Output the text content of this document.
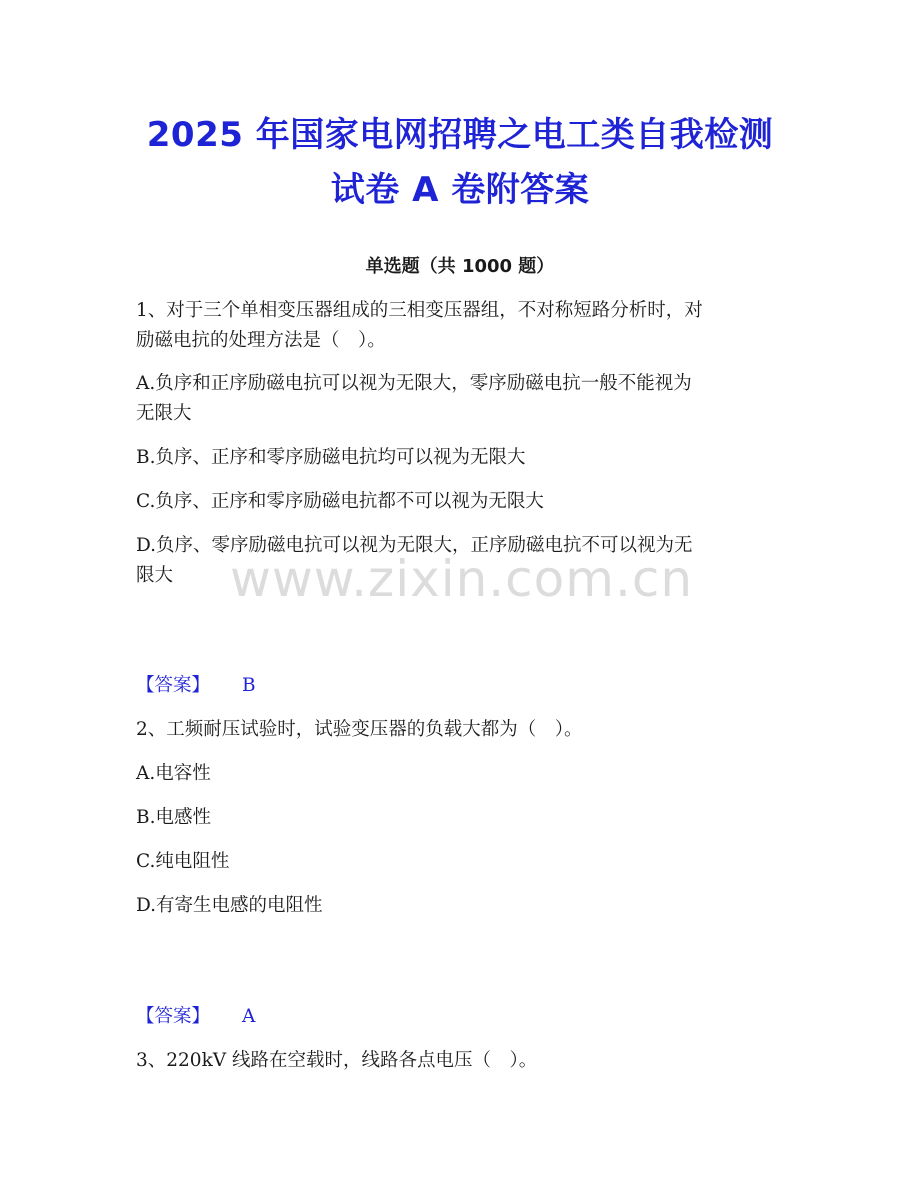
2025 年国家电网招聘之电工类自我检测
试卷 A 卷附答案
单选题（共 1000 题）
1、对于三个单相变压器组成的三相变压器组，不对称短路分析时，对
励磁电抗的处理方法是（　）。
A.负序和正序励磁电抗可以视为无限大，零序励磁电抗一般不能视为
无限大
B.负序、正序和零序励磁电抗均可以视为无限大
C.负序、正序和零序励磁电抗都不可以视为无限大
D.负序、零序励磁电抗可以视为无限大，正序励磁电抗不可以视为无
限大	www.zixin.com.cn
【答案】 B
2、工频耐压试验时，试验变压器的负载大都为（　）。
A.电容性
B.电感性
C.纯电阻性
D.有寄生电感的电阻性
【答案】 A
3、220kV 线路在空载时，线路各点电压（　）。
